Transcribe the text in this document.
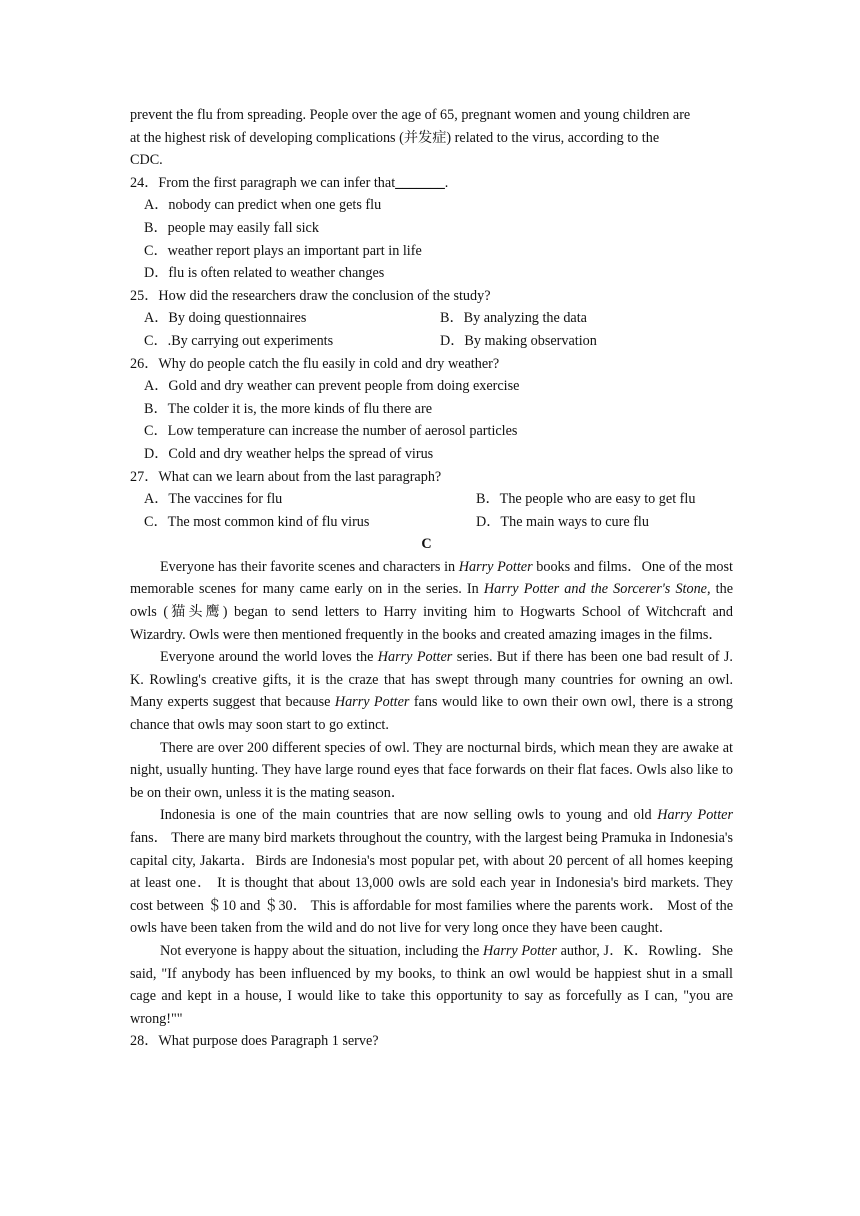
prevent the flu from spreading. People over the age of 65, pregnant women and young children are

at the highest risk of developing complications (并发症) related to the virus, according to the

CDC.

24．From the first paragraph we can infer that_______.

A．nobody can predict when one gets flu

B．people may easily fall sick

C．weather report plays an important part in life

D．flu is often related to weather changes

25．How did the researchers draw the conclusion of the study?

A．By doing questionnaires	B．By analyzing the data
C．.By carrying out experiments	D．By making observation

26．Why do people catch the flu easily in cold and dry weather?

A．Gold and dry weather can prevent people from doing exercise

B．The colder it is, the more kinds of flu there are

C．Low temperature can increase the number of aerosol particles

D．Cold and dry weather helps the spread of virus

27．What can we learn about from the last paragraph?

A．The vaccines for flu	B．The people who are easy to get flu
C．The most common kind of flu virus	D．The main ways to cure flu

C

Everyone has their favorite scenes and characters in Harry Potter books and films．One of the most memorable scenes for many came early on in the series. In Harry Potter and the Sorcerer's Stone, the owls (猫头鹰) began to send letters to Harry inviting him to Hogwarts School of Witchcraft and Wizardry. Owls were then mentioned frequently in the books and created amazing images in the films．

Everyone around the world loves the Harry Potter series. But if there has been one bad result of J. K. Rowling's creative gifts, it is the craze that has swept through many countries for owning an owl. Many experts suggest that because Harry Potter fans would like to own their own owl, there is a strong chance that owls may soon start to go extinct.

There are over 200 different species of owl. They are nocturnal birds, which mean they are awake at night, usually hunting. They have large round eyes that face forwards on their flat faces. Owls also like to be on their own, unless it is the mating season．

Indonesia is one of the main countries that are now selling owls to young and old Harry Potter fans． There are many bird markets throughout the country, with the largest being Pramuka in Indonesia's capital city, Jakarta．Birds are Indonesia's most popular pet, with about 20 percent of all homes keeping at least one． It is thought that about 13,000 owls are sold each year in Indonesia's bird markets. They cost between ＄10 and ＄30． This is affordable for most families where the parents work． Most of the owls have been taken from the wild and do not live for very long once they have been caught．

Not everyone is happy about the situation, including the Harry Potter author, J．K．Rowling．She said, "If anybody has been influenced by my books, to think an owl would be happiest shut in a small cage and kept in a house, I would like to take this opportunity to say as forcefully as I can, "you are wrong!""

28．What purpose does Paragraph 1 serve?
